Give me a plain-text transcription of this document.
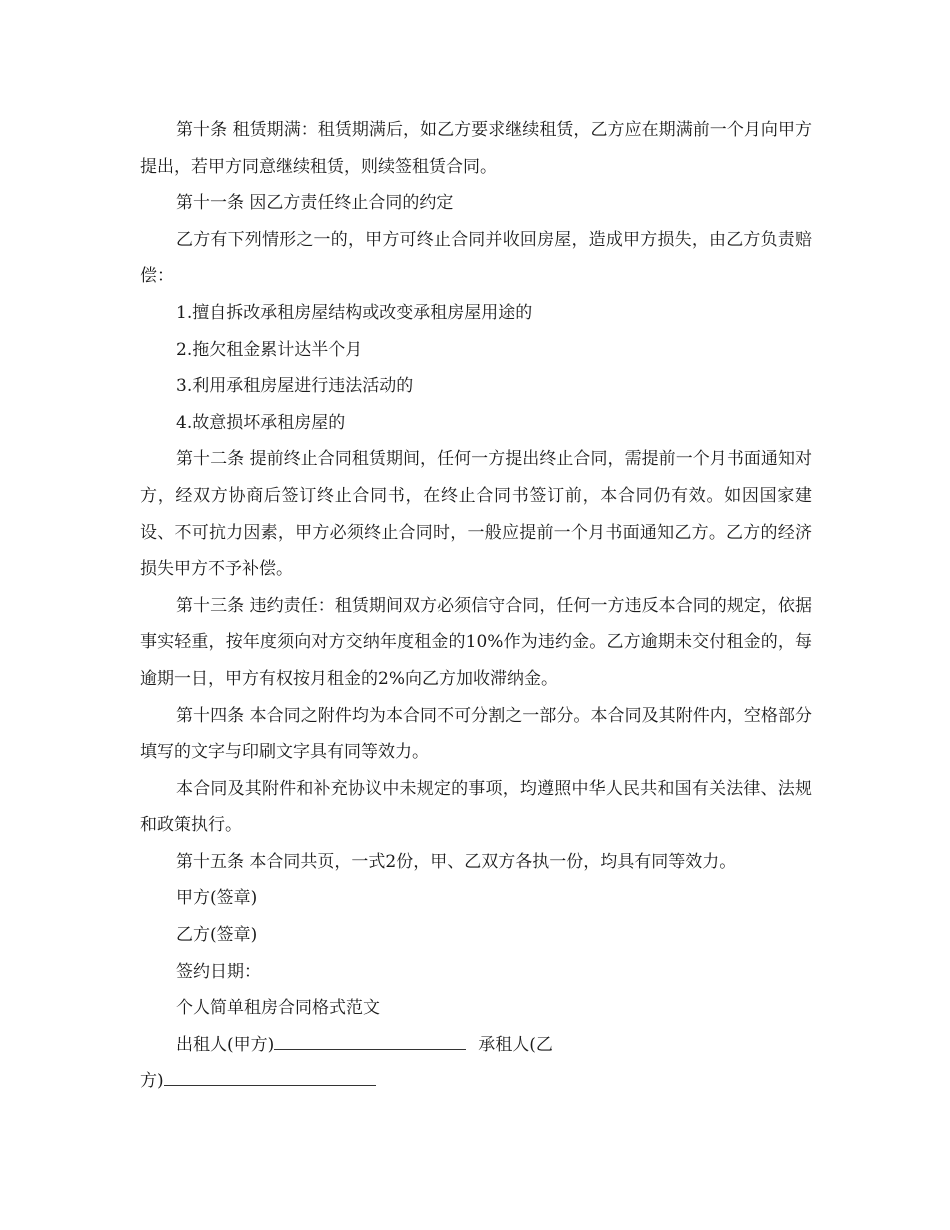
第十条 租赁期满：租赁期满后，如乙方要求继续租赁，乙方应在期满前一个月向甲方提出，若甲方同意继续租赁，则续签租赁合同。

第十一条 因乙方责任终止合同的约定

乙方有下列情形之一的，甲方可终止合同并收回房屋，造成甲方损失，由乙方负责赔偿：

1.擅自拆改承租房屋结构或改变承租房屋用途的

2.拖欠租金累计达半个月

3.利用承租房屋进行违法活动的

4.故意损坏承租房屋的

第十二条 提前终止合同租赁期间，任何一方提出终止合同，需提前一个月书面通知对方，经双方协商后签订终止合同书，在终止合同书签订前，本合同仍有效。如因国家建设、不可抗力因素，甲方必须终止合同时，一般应提前一个月书面通知乙方。乙方的经济损失甲方不予补偿。

第十三条 违约责任：租赁期间双方必须信守合同，任何一方违反本合同的规定，依据事实轻重，按年度须向对方交纳年度租金的10%作为违约金。乙方逾期未交付租金的，每逾期一日，甲方有权按月租金的2%向乙方加收滞纳金。

第十四条 本合同之附件均为本合同不可分割之一部分。本合同及其附件内，空格部分填写的文字与印刷文字具有同等效力。

本合同及其附件和补充协议中未规定的事项，均遵照中华人民共和国有关法律、法规和政策执行。

第十五条 本合同共页，一式2份，甲、乙双方各执一份，均具有同等效力。

甲方(签章)

乙方(签章)

签约日期：

个人简单租房合同格式范文

出租人(甲方)	承租人(乙

方)
